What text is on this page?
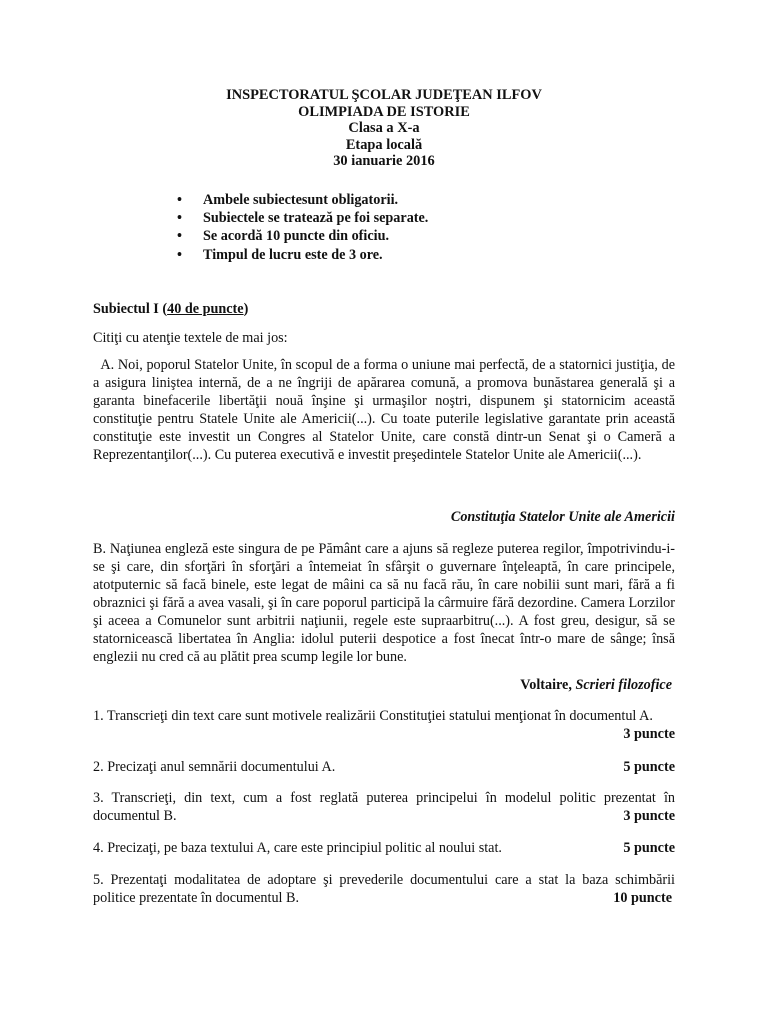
INSPECTORATUL ŞCOLAR JUDEŢEAN ILFOV
OLIMPIADA DE ISTORIE
Clasa a X-a
Etapa locală
30 ianuarie 2016
• Ambele subiectesunt obligatorii.
• Subiectele se tratează pe foi separate.
• Se acordă 10 puncte din oficiu.
• Timpul de lucru este de 3 ore.
Subiectul I (40 de puncte)
Citiţi cu atenţie textele de mai jos:
A. Noi, poporul Statelor Unite, în scopul de a forma o uniune mai perfectă, de a statornici justiţia, de a asigura liniştea internă, de a ne îngriji de apărarea comună, a promova bunăstarea generală şi a garanta binefacerile libertăţii nouă înşine şi urmaşilor noştri, dispunem şi statornicim această constituţie pentru Statele Unite ale Americii(...). Cu toate puterile legislative garantate prin această constituţie este investit un Congres al Statelor Unite, care constă dintr-un Senat şi o Cameră a Reprezentanţilor(...). Cu puterea executivă e investit preşedintele Statelor Unite ale Americii(...).
Constituţia Statelor Unite ale Americii
B. Naţiunea engleză este singura de pe Pământ care a ajuns să regleze puterea regilor, împotrivindu-i-se şi care, din sforţări în sforţări a întemeiat în sfârşit o guvernare înţeleaptă, în care principele, atotputernic să facă binele, este legat de mâini ca să nu facă rău, în care nobilii sunt mari, fără a fi obraznici şi fără a avea vasali, şi în care poporul participă la cârmuire fără dezordine. Camera Lorzilor şi aceea a Comunelor sunt arbitrii naţiunii, regele este supraarbitru(...). A fost greu, desigur, să se statornicească libertatea în Anglia: idolul puterii despotice a fost înecat într-o mare de sânge; însă englezii nu cred că au plătit prea scump legile lor bune.
Voltaire, Scrieri filozofice
1. Transcrieţi din text care sunt motivele realizării Constituţiei statului menţionat în documentul A.
3 puncte
2. Precizaţi anul semnării documentului A.	5 puncte
3. Transcrieţi, din text, cum a fost reglată puterea principelui în modelul politic prezentat în documentul B.	3 puncte
4. Precizaţi, pe baza textului A, care este principiul politic al noului stat.	5 puncte
5. Prezentaţi modalitatea de adoptare şi prevederile documentului care a stat la baza schimbării politice prezentate în documentul B.	10 puncte
